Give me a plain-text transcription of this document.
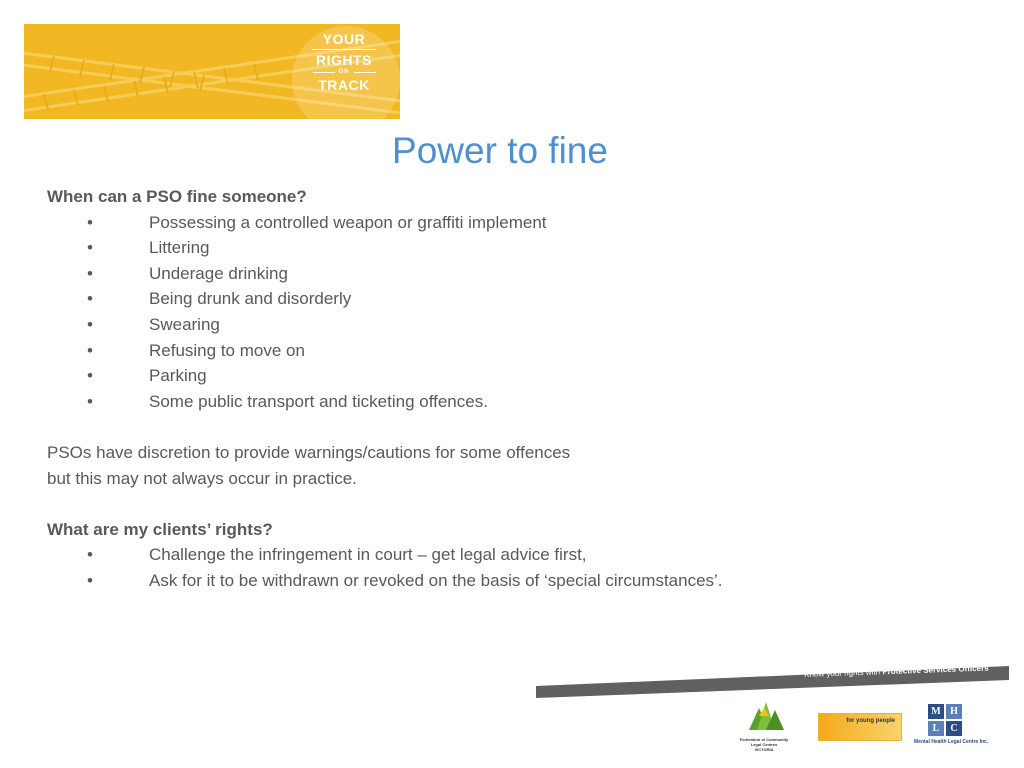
YOUR
RIGHTS
ON
TRACK
Power to fine

When can a PSO fine someone?

•	Possessing a controlled weapon or graffiti implement
•	Littering
•	Underage drinking
•	Being drunk and disorderly
•	Swearing
•	Refusing to move on
•	Parking
•	Some public transport and ticketing offences.

PSOs have discretion to provide warnings/cautions for some offences

but this may not always occur in practice.

What are my clients’ rights?

•	Challenge the infringement in court – get legal advice first,
•	Ask for it to be withdrawn or revoked on the basis of ‘special circumstances’.
Know your rights with Protective Services Officers
Federation of Community Legal Centres
VICTORIA
for young people
M H
L	C
Mental Health Legal Centre Inc.
